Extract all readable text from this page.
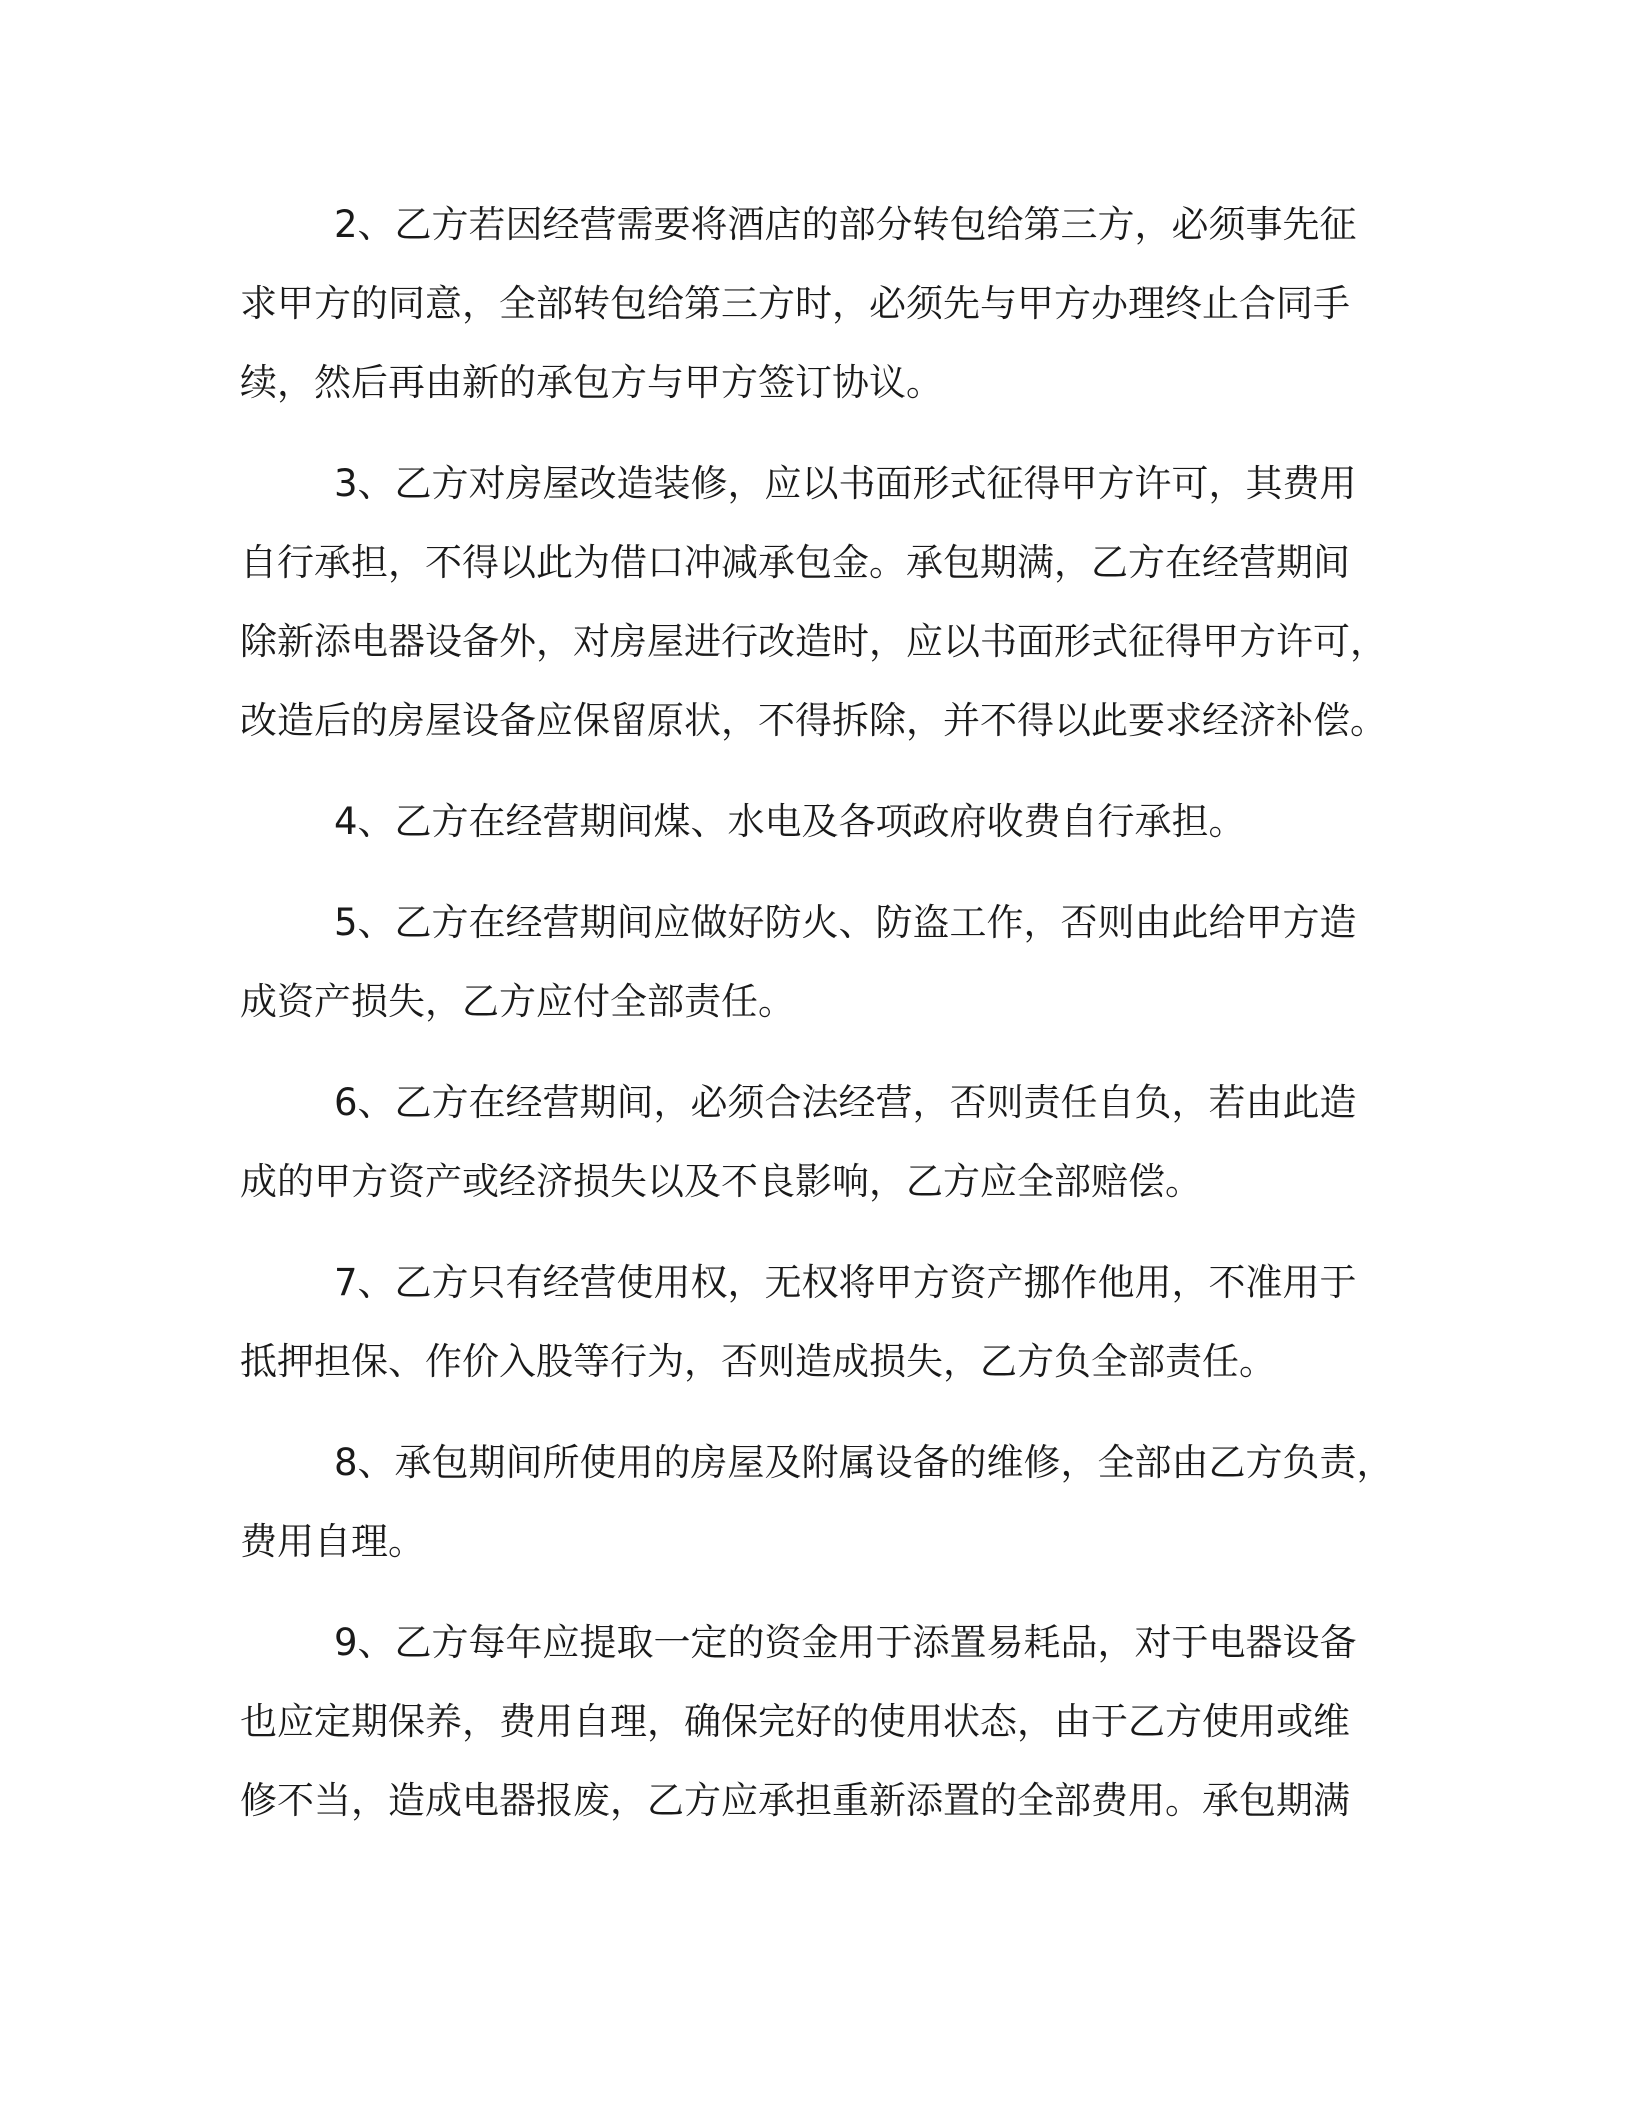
2、乙方若因经营需要将酒店的部分转包给第三方，必须事先征
求甲方的同意，全部转包给第三方时，必须先与甲方办理终止合同手
续，然后再由新的承包方与甲方签订协议。
3、乙方对房屋改造装修，应以书面形式征得甲方许可，其费用
自行承担，不得以此为借口冲减承包金。承包期满，乙方在经营期间
除新添电器设备外，对房屋进行改造时，应以书面形式征得甲方许可，
改造后的房屋设备应保留原状，不得拆除，并不得以此要求经济补偿。
4、乙方在经营期间煤、水电及各项政府收费自行承担。
5、乙方在经营期间应做好防火、防盗工作，否则由此给甲方造
成资产损失，乙方应付全部责任。
6、乙方在经营期间，必须合法经营，否则责任自负，若由此造
成的甲方资产或经济损失以及不良影响，乙方应全部赔偿。
7、乙方只有经营使用权，无权将甲方资产挪作他用，不准用于
抵押担保、作价入股等行为，否则造成损失，乙方负全部责任。
8、承包期间所使用的房屋及附属设备的维修，全部由乙方负责，
费用自理。
9、乙方每年应提取一定的资金用于添置易耗品，对于电器设备
也应定期保养，费用自理，确保完好的使用状态，由于乙方使用或维
修不当，造成电器报废，乙方应承担重新添置的全部费用。承包期满
